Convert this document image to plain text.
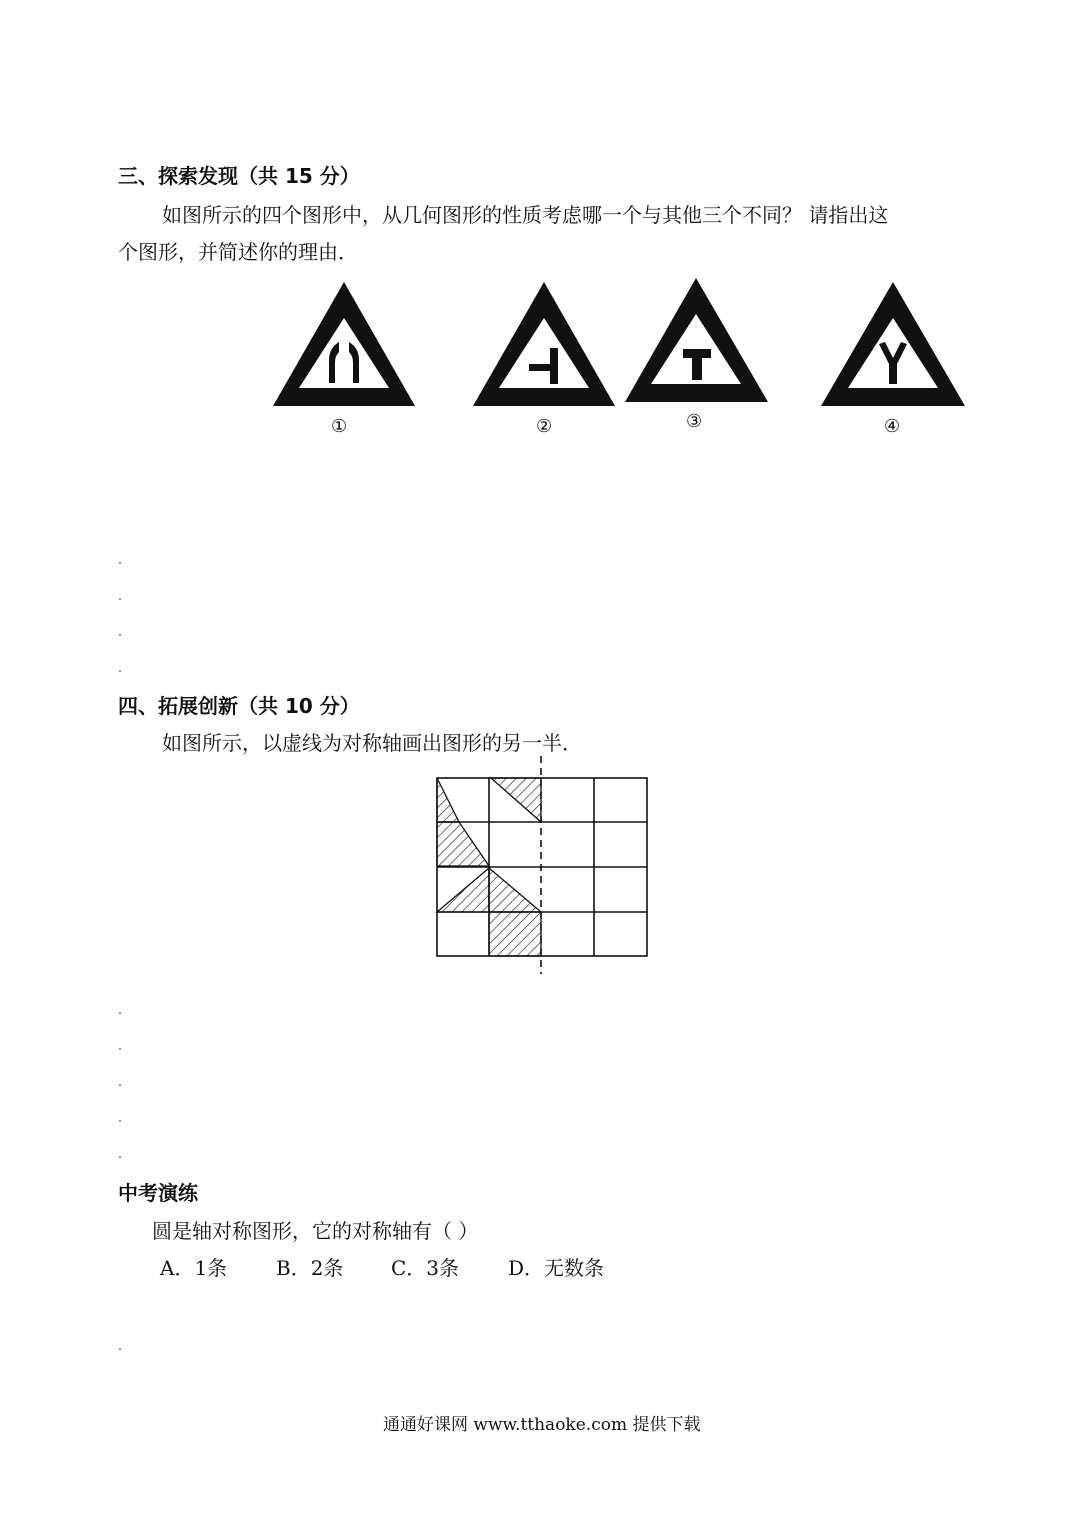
三、探索发现（共 15 分）
如图所示的四个图形中，从几何图形的性质考虑哪一个与其他三个不同？ 请指出这
个图形，并简述你的理由．
①	②	③	④
四、拓展创新（共 10 分）
如图所示，以虚线为对称轴画出图形的另一半．
中考演练
圆是轴对称图形，它的对称轴有（ ）
A．1条 B．2条 C．3条 D．无数条
通通好课网 www.tthaoke.com 提供下载
